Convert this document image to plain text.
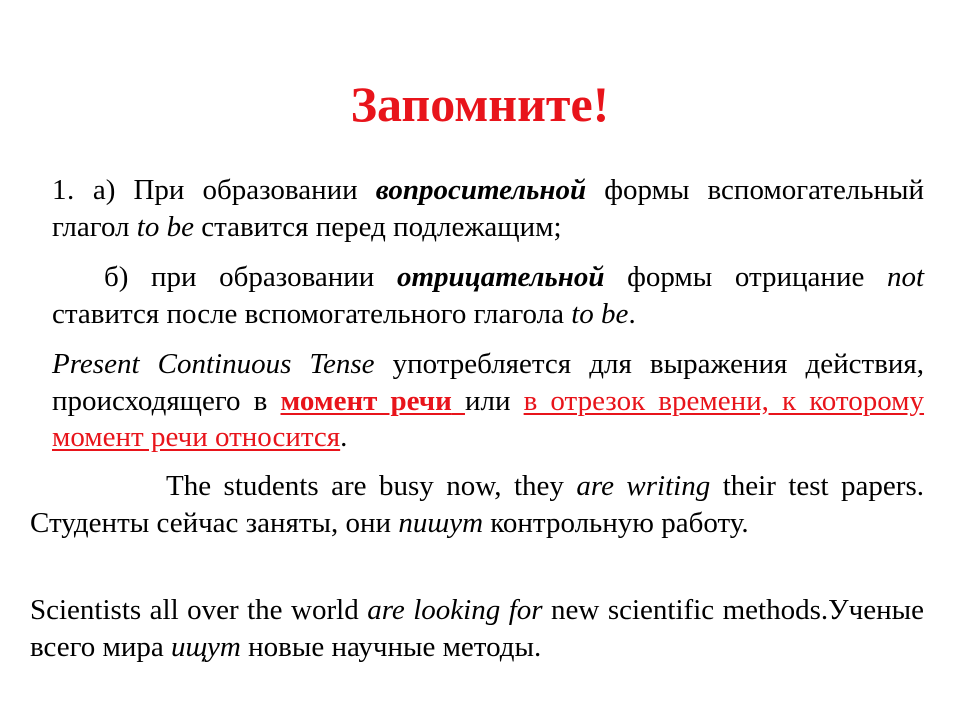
Запомните!

1. а) При образовании вопросительной формы вспомогательный глагол to be ставится перед подлежащим;

б) при образовании отрицательной формы отрицание not ставится после вспомогательного глагола to be.

Present Continuous Tense употребляется для выражения действия, происходящего в момент речи или в отрезок времени, к которому момент речи относится.

The students are busy now, they are writing their test papers. Студенты сейчас заняты, они пишут контрольную работу.

Scientists all over the world are looking for new scientific methods.Ученые всего мира ищут новые научные методы.
